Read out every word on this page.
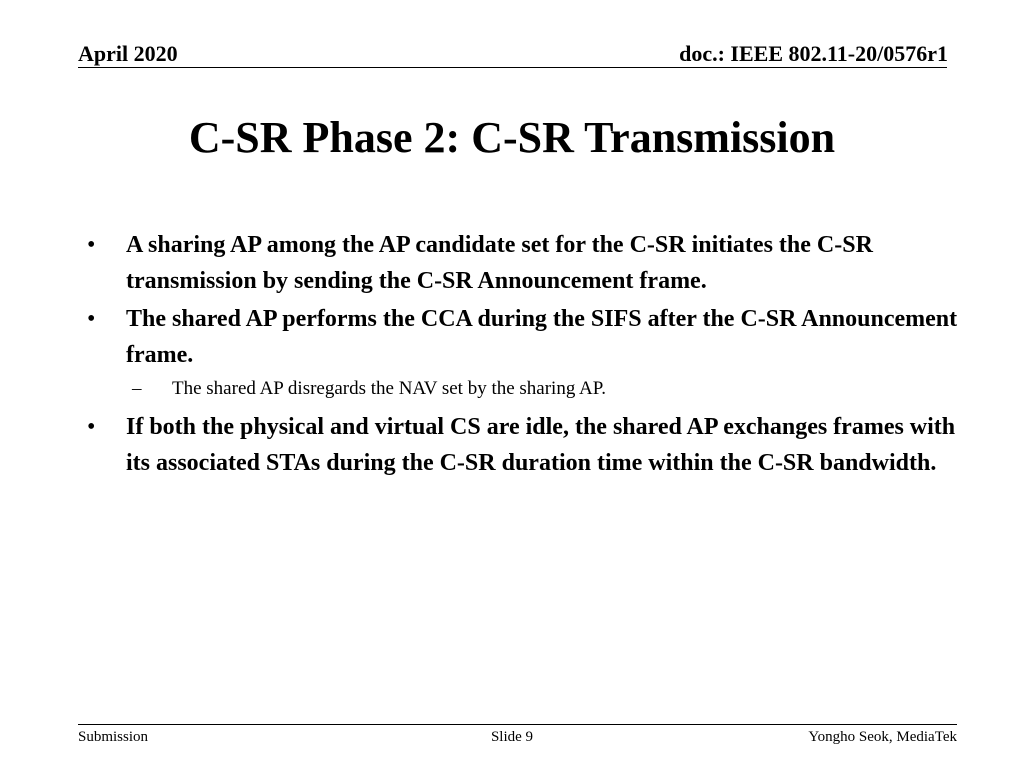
April 2020	doc.: IEEE 802.11-20/0576r1
C-SR Phase 2: C-SR Transmission
• A sharing AP among the AP candidate set for the C-SR initiates the C-SR transmission by sending the C-SR Announcement frame.
• The shared AP performs the CCA during the SIFS after the C-SR Announcement frame.
– The shared AP disregards the NAV set by the sharing AP.
• If both the physical and virtual CS are idle, the shared AP exchanges frames with its associated STAs during the C-SR duration time within the C-SR bandwidth.
Submission	Slide 9	Yongho Seok, MediaTek
